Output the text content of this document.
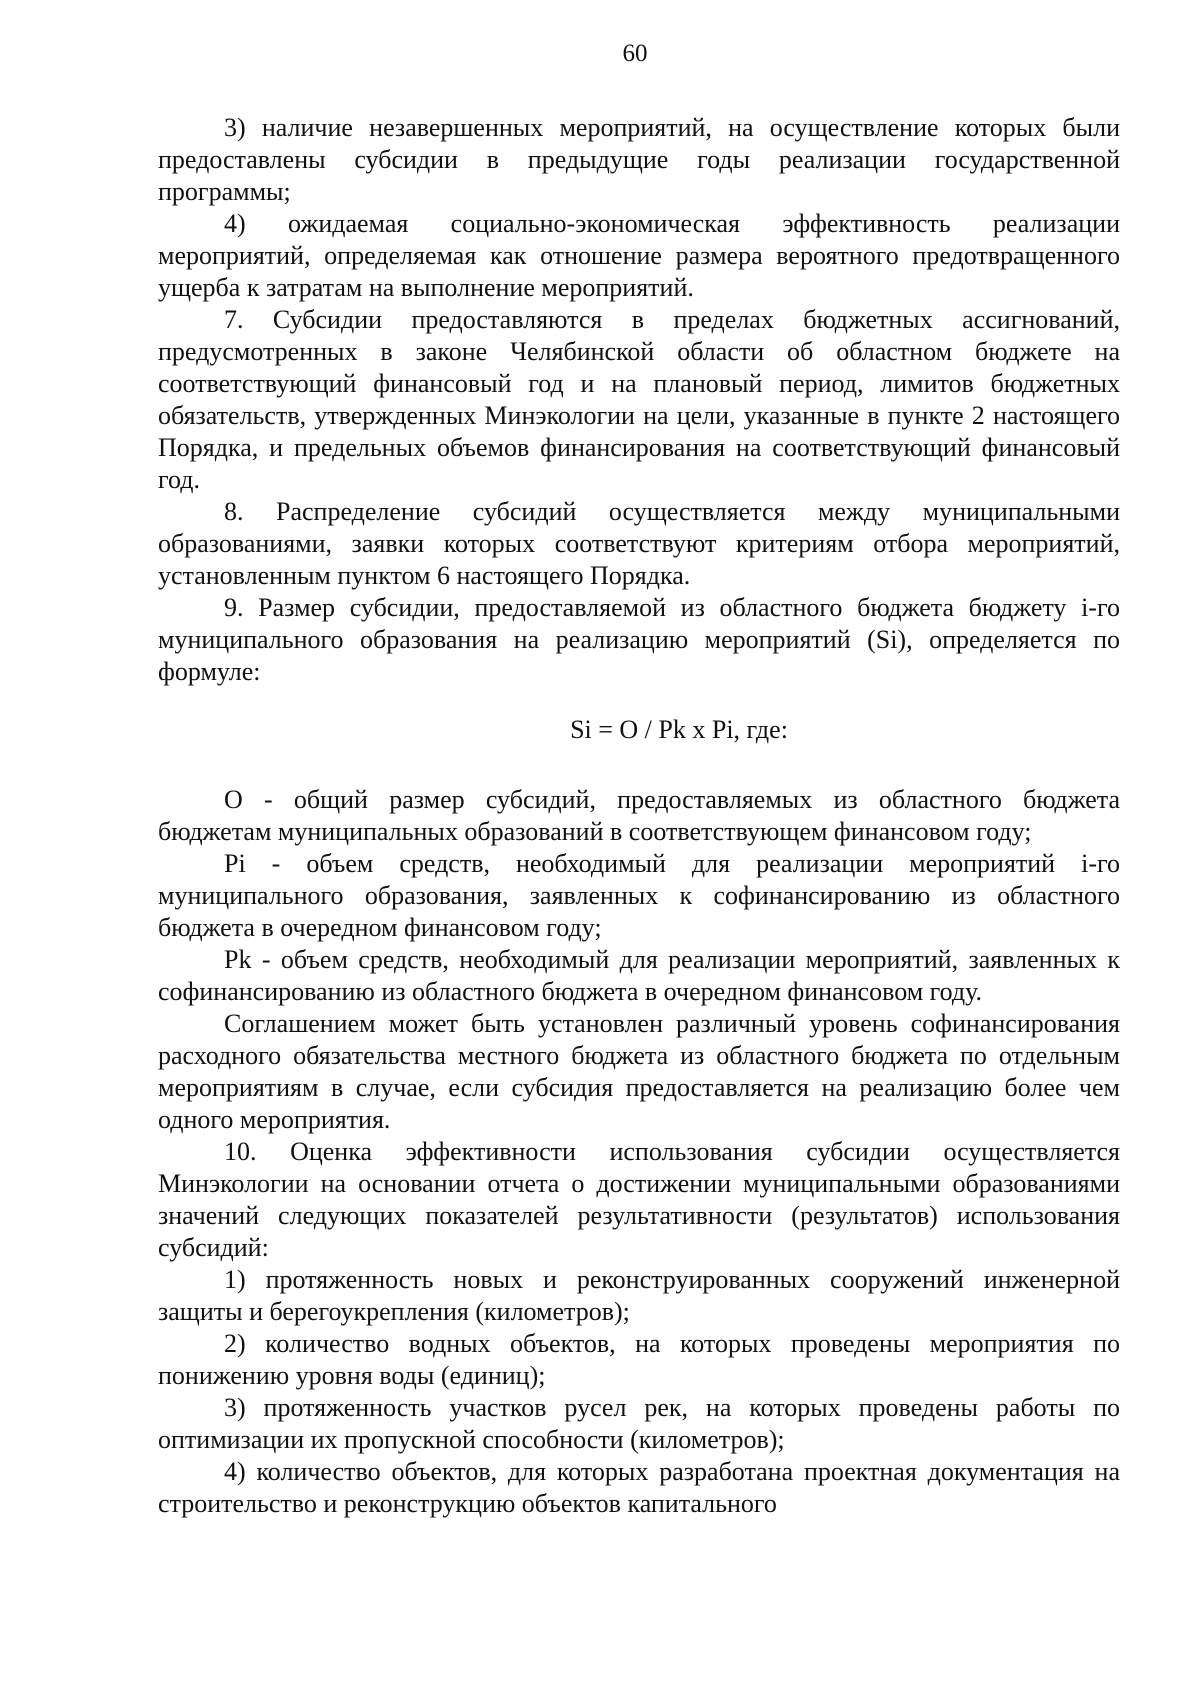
60

3) наличие незавершенных мероприятий, на осуществление которых были предоставлены субсидии в предыдущие годы реализации государственной программы;

4) ожидаемая социально-экономическая эффективность реализации мероприятий, определяемая как отношение размера вероятного предотвращенного ущерба к затратам на выполнение мероприятий.

7. Субсидии предоставляются в пределах бюджетных ассигнований, предусмотренных в законе Челябинской области об областном бюджете на соответствующий финансовый год и на плановый период, лимитов бюджетных обязательств, утвержденных Минэкологии на цели, указанные в пункте 2 настоящего Порядка, и предельных объемов финансирования на соответствующий финансовый год.

8. Распределение субсидий осуществляется между муниципальными образованиями, заявки которых соответствуют критериям отбора мероприятий, установленным пунктом 6 настоящего Порядка.

9. Размер субсидии, предоставляемой из областного бюджета бюджету i-го муниципального образования на реализацию мероприятий (Si), определяется по формуле:

Si = O / Pk x Pi, где:

O - общий размер субсидий, предоставляемых из областного бюджета бюджетам муниципальных образований в соответствующем финансовом году;

Pi - объем средств, необходимый для реализации мероприятий i-го муниципального образования, заявленных к софинансированию из областного бюджета в очередном финансовом году;

Pk - объем средств, необходимый для реализации мероприятий, заявленных к софинансированию из областного бюджета в очередном финансовом году.

Соглашением может быть установлен различный уровень софинансирования расходного обязательства местного бюджета из областного бюджета по отдельным мероприятиям в случае, если субсидия предоставляется на реализацию более чем одного мероприятия.

10. Оценка эффективности использования субсидии осуществляется Минэкологии на основании отчета о достижении муниципальными образованиями значений следующих показателей результативности (результатов) использования субсидий:

1) протяженность новых и реконструированных сооружений инженерной защиты и берегоукрепления (километров);

2) количество водных объектов, на которых проведены мероприятия по понижению уровня воды (единиц);

3) протяженность участков русел рек, на которых проведены работы по оптимизации их пропускной способности (километров);

4) количество объектов, для которых разработана проектная документация на строительство и реконструкцию объектов капитального
